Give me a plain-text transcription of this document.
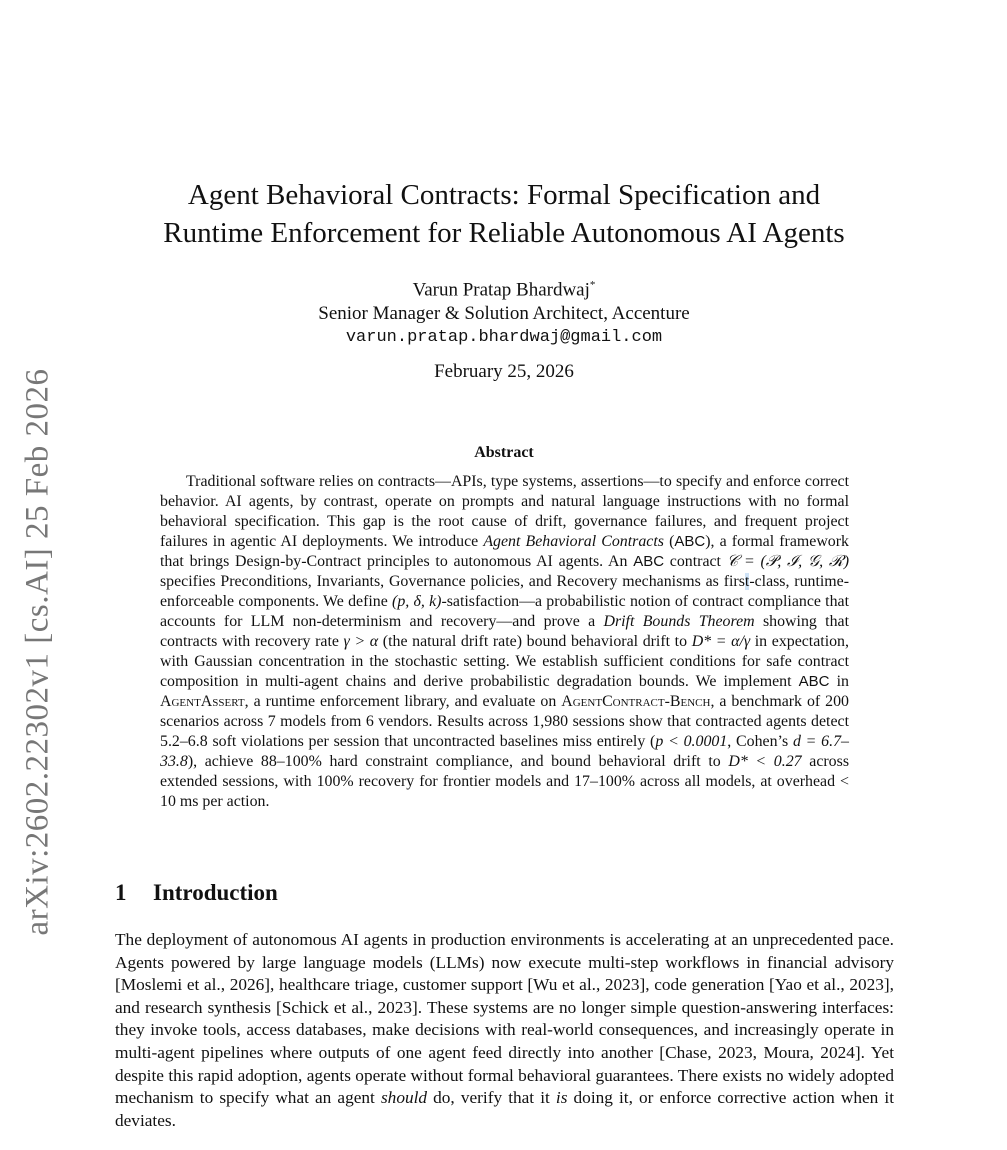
arXiv:2602.22302v1 [cs.AI] 25 Feb 2026
Agent Behavioral Contracts: Formal Specification and
Runtime Enforcement for Reliable Autonomous AI Agents
Varun Pratap Bhardwaj*
Senior Manager & Solution Architect, Accenture
varun.pratap.bhardwaj@gmail.com
February 25, 2026
Abstract

Traditional software relies on contracts—APIs, type systems, assertions—to specify and enforce correct behavior. AI agents, by contrast, operate on prompts and natural language instructions with no formal behavioral specification. This gap is the root cause of drift, governance failures, and frequent project failures in agentic AI deployments. We introduce Agent Behavioral Contracts (ABC), a formal framework that brings Design-by-Contract principles to autonomous AI agents. An ABC contract 𝒞 = (𝒫, ℐ, 𝒢, ℛ) specifies Preconditions, Invariants, Governance policies, and Recovery mechanisms as first-class, runtime-enforceable components. We define (p, δ, k)-satisfaction—a probabilistic notion of contract compliance that accounts for LLM non-determinism and recovery—and prove a Drift Bounds Theorem showing that contracts with recovery rate γ > α (the natural drift rate) bound behavioral drift to D* = α/γ in expectation, with Gaussian concentration in the stochastic setting. We establish sufficient conditions for safe contract composition in multi-agent chains and derive probabilistic degradation bounds. We implement ABC in AgentAssert, a runtime enforcement library, and evaluate on AgentContract-Bench, a benchmark of 200 scenarios across 7 models from 6 vendors. Results across 1,980 sessions show that contracted agents detect 5.2–6.8 soft violations per session that uncontracted baselines miss entirely (p < 0.0001, Cohen’s d = 6.7–33.8), achieve 88–100% hard constraint compliance, and bound behavioral drift to D* < 0.27 across extended sessions, with 100% recovery for frontier models and 17–100% across all models, at overhead < 10 ms per action.

1 Introduction

The deployment of autonomous AI agents in production environments is accelerating at an unprecedented pace. Agents powered by large language models (LLMs) now execute multi-step workflows in financial advisory [Moslemi et al., 2026], healthcare triage, customer support [Wu et al., 2023], code generation [Yao et al., 2023], and research synthesis [Schick et al., 2023]. These systems are no longer simple question-answering interfaces: they invoke tools, access databases, make decisions with real-world consequences, and increasingly operate in multi-agent pipelines where outputs of one agent feed directly into another [Chase, 2023, Moura, 2024]. Yet despite this rapid adoption, agents operate without formal behavioral guarantees. There exists no widely adopted mechanism to specify what an agent should do, verify that it is doing it, or enforce corrective action when it deviates.
